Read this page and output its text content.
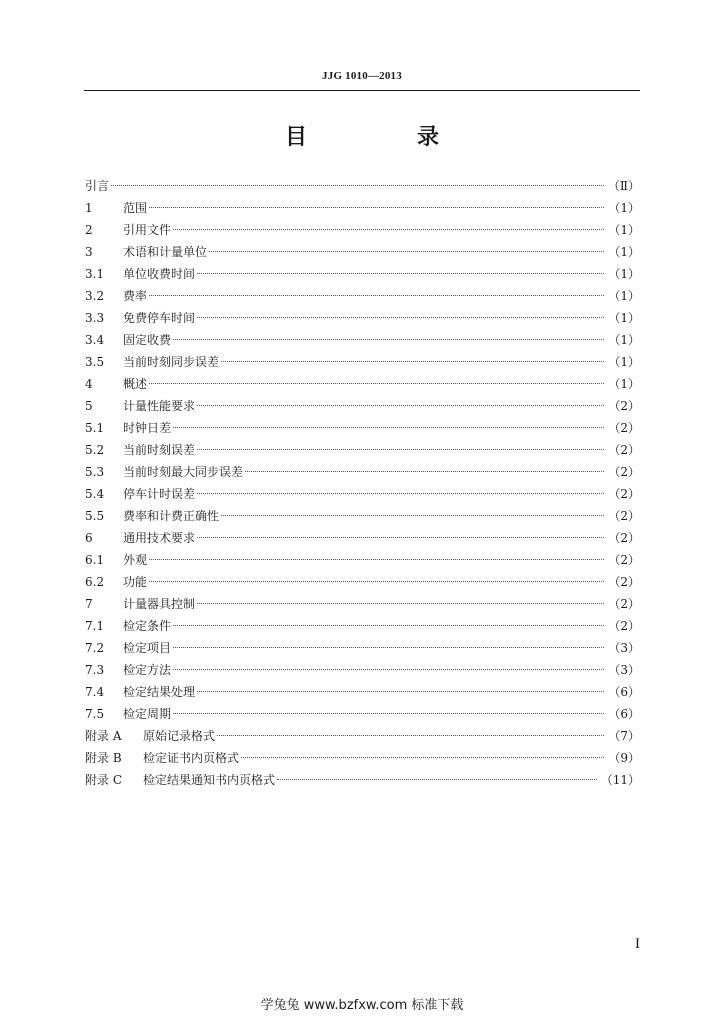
JJG 1010—2013
目　录
引言	（Ⅱ）
1	范围	（1）
2	引用文件	（1）
3	术语和计量单位	（1）
3.1	单位收费时间	（1）
3.2	费率	（1）
3.3	免费停车时间	（1）
3.4	固定收费	（1）
3.5	当前时刻同步误差	（1）
4	概述	（1）
5	计量性能要求	（2）
5.1	时钟日差	（2）
5.2	当前时刻误差	（2）
5.3	当前时刻最大同步误差	（2）
5.4	停车计时误差	（2）
5.5	费率和计费正确性	（2）
6	通用技术要求	（2）
6.1	外观	（2）
6.2	功能	（2）
7	计量器具控制	（2）
7.1	检定条件	（2）
7.2	检定项目	（3）
7.3	检定方法	（3）
7.4	检定结果处理	（6）
7.5	检定周期	（6）
附录 A	原始记录格式	（7）
附录 B	检定证书内页格式	（9）
附录 C	检定结果通知书内页格式	（11）
I
学兔兔 www.bzfxw.com 标准下载
